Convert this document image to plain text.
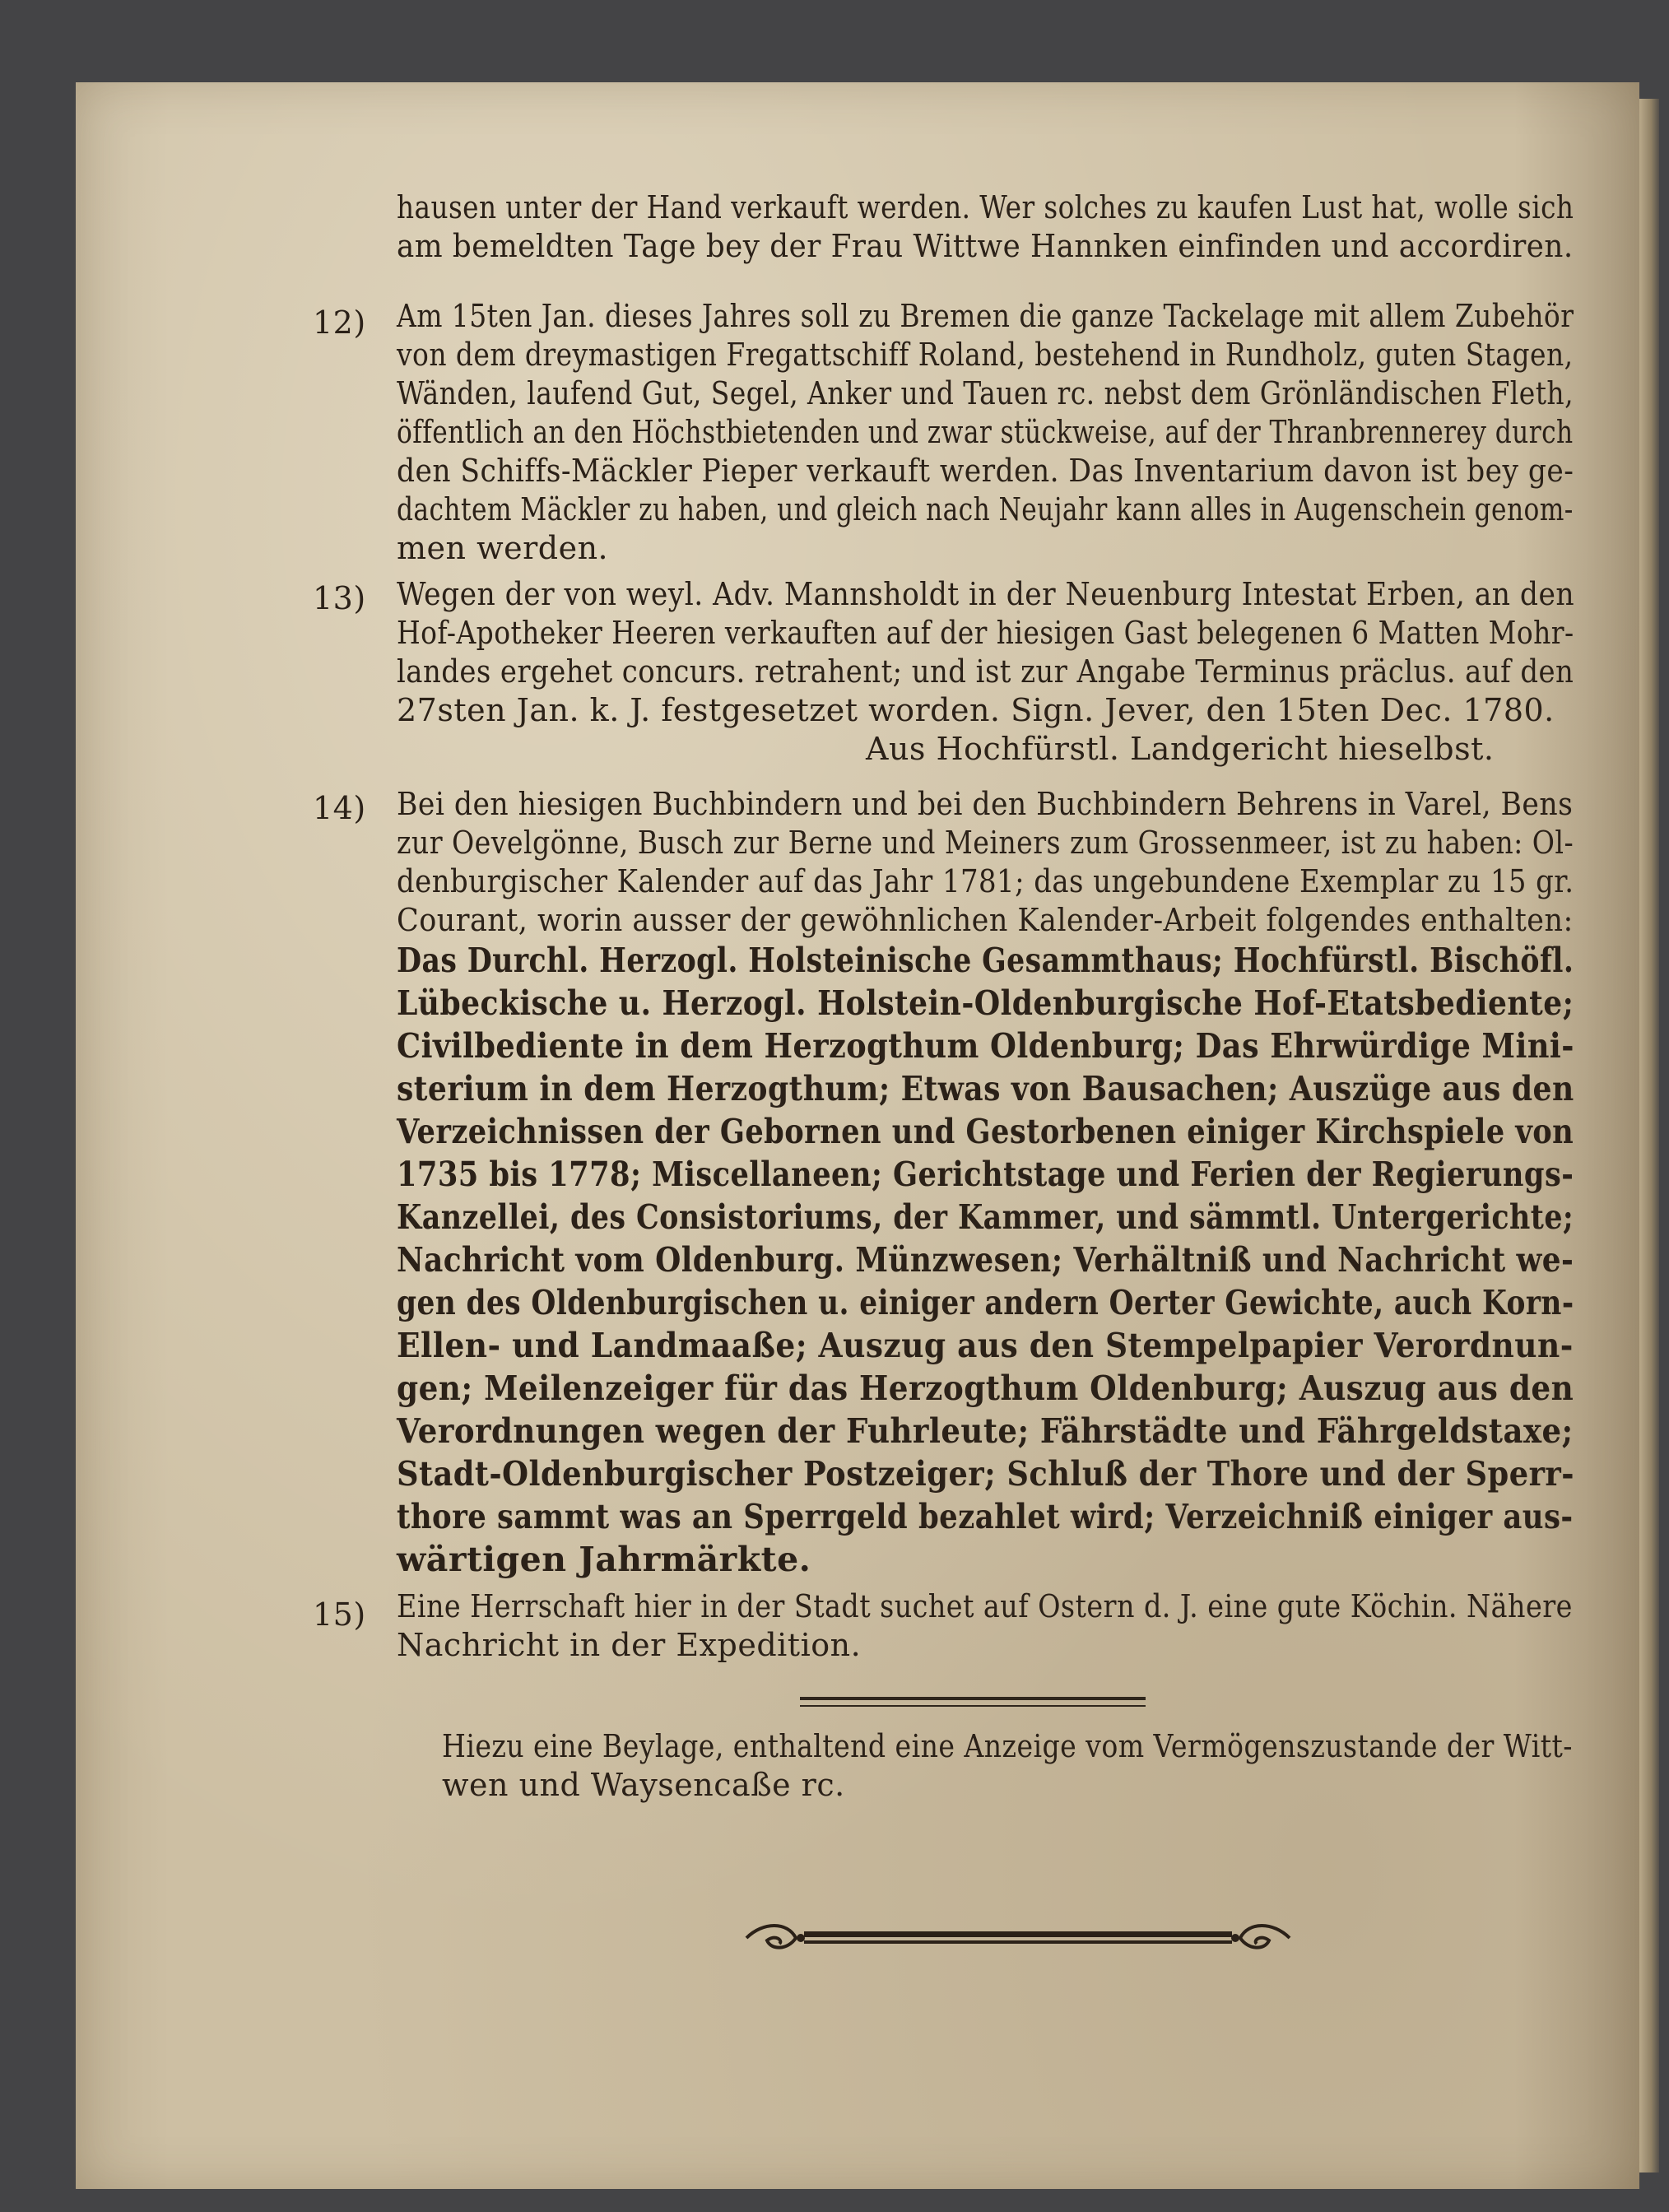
hausen unter der Hand verkauft werden. Wer solches zu kaufen Lust hat, wolle sich
am bemeldten Tage bey der Frau Wittwe Hannken einfinden und accordiren.
12) Am 15ten Jan. dieses Jahres soll zu Bremen die ganze Tackelage mit allem Zubehör
von dem dreymastigen Fregattschiff Roland, bestehend in Rundholz, guten Stagen,
Wänden, laufend Gut, Segel, Anker und Tauen rc. nebst dem Grönländischen Fleth,
öffentlich an den Höchstbietenden und zwar stückweise, auf der Thranbrennerey durch
den Schiffs-Mäckler Pieper verkauft werden. Das Inventarium davon ist bey ge-
dachtem Mäckler zu haben, und gleich nach Neujahr kann alles in Augenschein genom-
men werden.
13) Wegen der von weyl. Adv. Mannsholdt in der Neuenburg Intestat Erben, an den
Hof-Apotheker Heeren verkauften auf der hiesigen Gast belegenen 6 Matten Mohr-
landes ergehet concurs. retrahent; und ist zur Angabe Terminus präclus. auf den
27sten Jan. k. J. festgesetzet worden. Sign. Jever, den 15ten Dec. 1780.
Aus Hochfürstl. Landgericht hieselbst.
14) Bei den hiesigen Buchbindern und bei den Buchbindern Behrens in Varel, Bens
zur Oevelgönne, Busch zur Berne und Meiners zum Grossenmeer, ist zu haben: Ol-
denburgischer Kalender auf das Jahr 1781; das ungebundene Exemplar zu 15 gr.
Courant, worin ausser der gewöhnlichen Kalender-Arbeit folgendes enthalten:
Das Durchl. Herzogl. Holsteinische Gesammthaus; Hochfürstl. Bischöfl.
Lübeckische u. Herzogl. Holstein-Oldenburgische Hof-Etatsbediente;
Civilbediente in dem Herzogthum Oldenburg; Das Ehrwürdige Mini-
sterium in dem Herzogthum; Etwas von Bausachen; Auszüge aus den
Verzeichnissen der Gebornen und Gestorbenen einiger Kirchspiele von
1735 bis 1778; Miscellaneen; Gerichtstage und Ferien der Regierungs-
Kanzellei, des Consistoriums, der Kammer, und sämmtl. Untergerichte;
Nachricht vom Oldenburg. Münzwesen; Verhältniß und Nachricht we-
gen des Oldenburgischen u. einiger andern Oerter Gewichte, auch Korn-
Ellen- und Landmaaße; Auszug aus den Stempelpapier Verordnun-
gen; Meilenzeiger für das Herzogthum Oldenburg; Auszug aus den
Verordnungen wegen der Fuhrleute; Fährstädte und Fährgeldstaxe;
Stadt-Oldenburgischer Postzeiger; Schluß der Thore und der Sperr-
thore sammt was an Sperrgeld bezahlet wird; Verzeichniß einiger aus-
wärtigen Jahrmärkte.
15) Eine Herrschaft hier in der Stadt suchet auf Ostern d. J. eine gute Köchin. Nähere
Nachricht in der Expedition.
Hiezu eine Beylage, enthaltend eine Anzeige vom Vermögenszustande der Witt-
wen und Waysencaße rc.
